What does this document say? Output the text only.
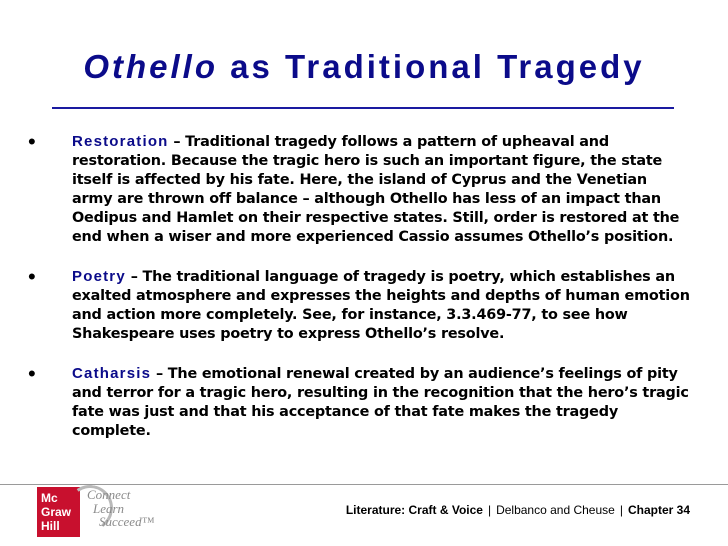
Othello as Traditional Tragedy
• Restoration – Traditional tragedy follows a pattern of upheaval and restoration. Because the tragic hero is such an important figure, the state itself is affected by his fate. Here, the island of Cyprus and the Venetian army are thrown off balance – although Othello has less of an impact than Oedipus and Hamlet on their respective states. Still, order is restored at the end when a wiser and more experienced Cassio assumes Othello’s position.
• Poetry – The traditional language of tragedy is poetry, which establishes an exalted atmosphere and expresses the heights and depths of human emotion and action more completely. See, for instance, 3.3.469-77, to see how Shakespeare uses poetry to express Othello’s resolve.
• Catharsis – The emotional renewal created by an audience’s feelings of pity and terror for a tragic hero, resulting in the recognition that the hero’s tragic fate was just and that his acceptance of that fate makes the tragedy complete.
Mc
Graw
Hill
Connect
Learn
Succeed™
Literature: Craft & Voice | Delbanco and Cheuse | Chapter 34
